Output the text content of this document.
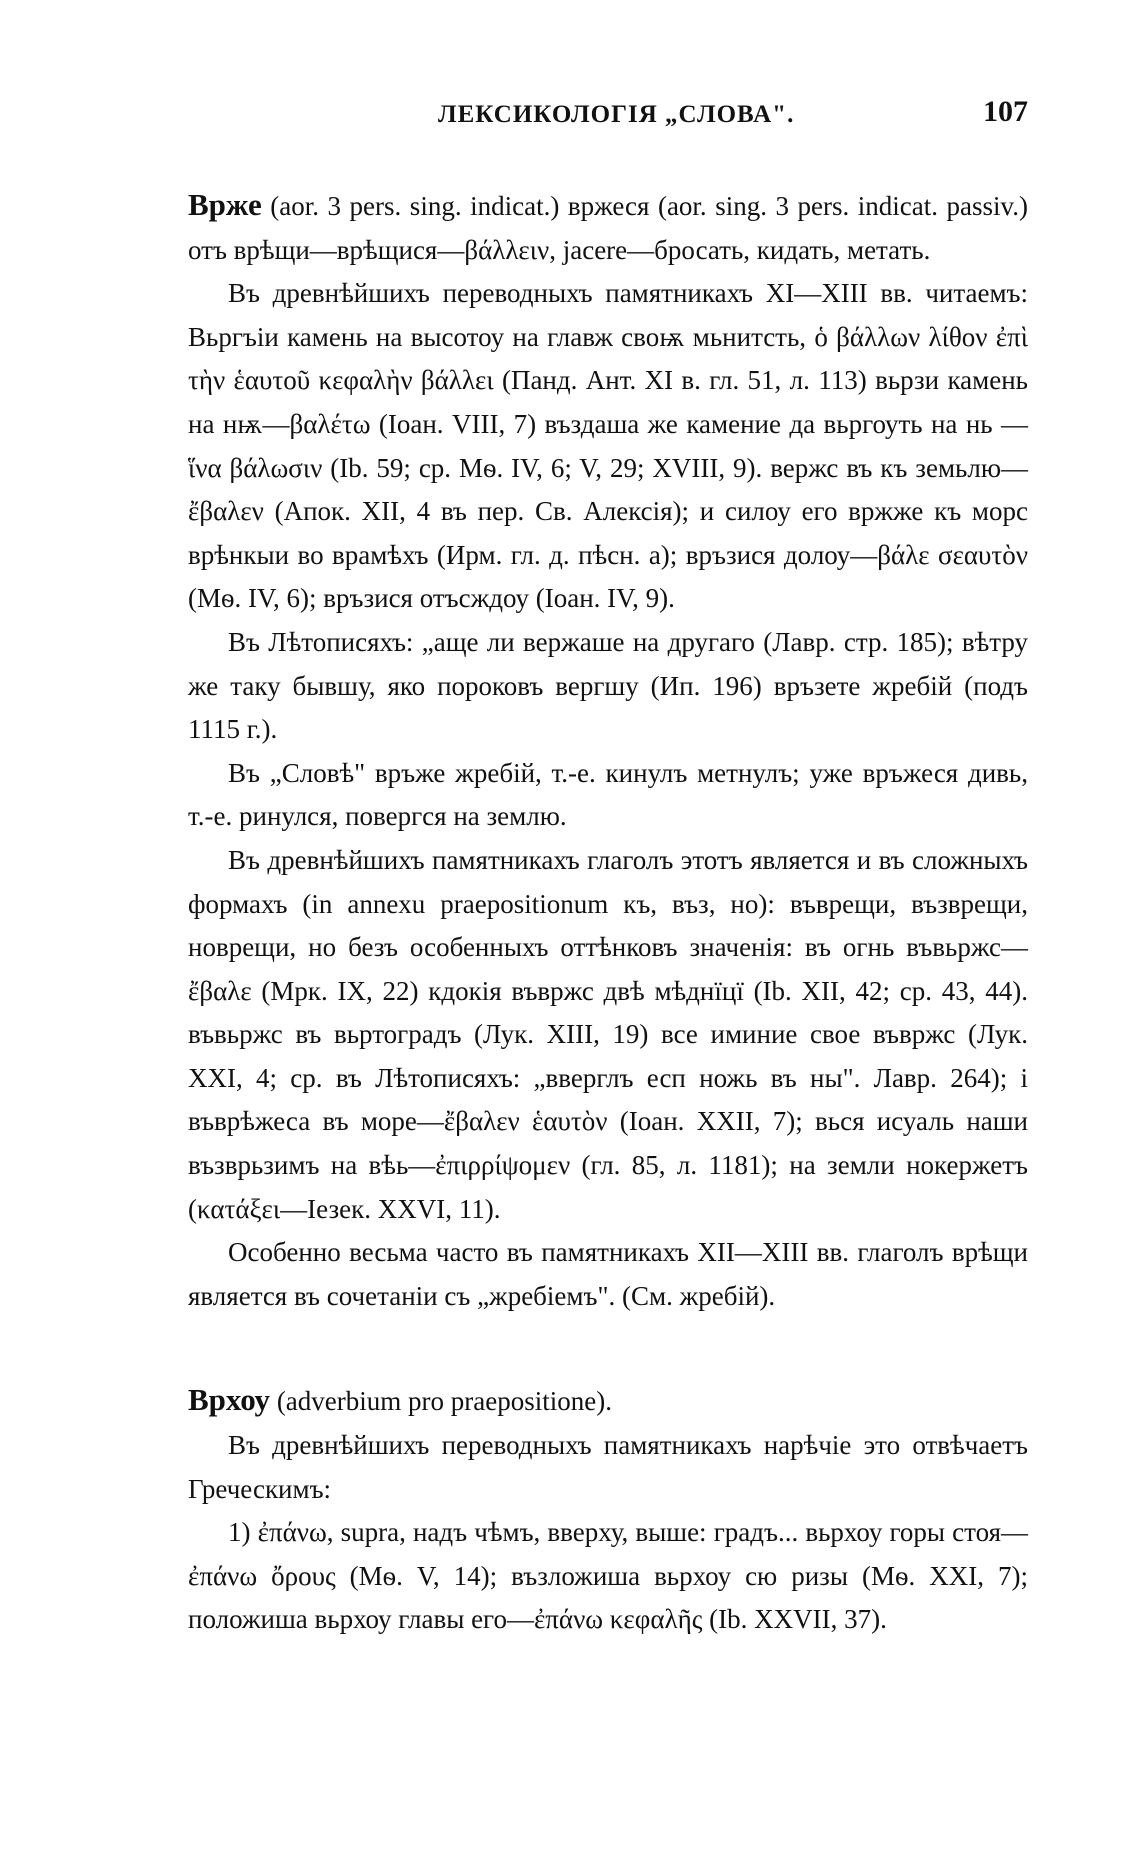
ЛЕКСИКОЛОГІЯ „СЛОВА".	107

Врже (aor. 3 pers. sing. indicat.) вржеся (aor. sing. 3 pers. indicat. passiv.) отъ врѣщи—врѣщися—βάλλειν, jacere—бросать, кидать, метать.

Въ древнѣйшихъ переводныхъ памятникахъ XI—XIII вв. читаемъ: Вьргъіи камень на высотоу на главж своѭ мьнитсть, ὁ βάλλων λίθον ἐπὶ τὴν ἑαυτοῦ κεφαλὴν βάλλει (Панд. Ант. XI в. гл. 51, л. 113) вьрзи камень на нѭ—βαλέτω (Іоан. VIII, 7) въздаша же камение да вьргоуть на нь —ἵνα βάλωσιν (Ib. 59; ср. Мѳ. IV, 6; V, 29; XVIII, 9). вержс въ къ земьлю—ἔβαλεν (Апок. XII, 4 въ пер. Св. Алексія); и силоу его вржже къ морс врѣнкыи во врамѣхъ (Ирм. гл. д. пѣсн. а); връзися долоу—βάλε σεαυτὸν (Мѳ. IV, 6); връзися отъсждоу (Іоан. IV, 9).

Въ Лѣтописяхъ: „аще ли вержаше на другаго (Лавр. стр. 185); вѣтру же таку бывшу, яко пороковъ вергшу (Ип. 196) връзете жребій (подъ 1115 г.).

Въ „Словѣ" връже жребій, т.-е. кинулъ метнулъ; уже връжеся дивь, т.-е. ринулся, повергся на землю.

Въ древнѣйшихъ памятникахъ глаголъ этотъ является и въ сложныхъ формахъ (in annexu praepositionum къ, въз, но): въврещи, възврещи, новрещи, но безъ особенныхъ оттѣнковъ значенія: въ огнь въвьржс—ἔβαλε (Мрк. IX, 22) кдокія въвржс двѣ мѣднїцї (Ib. XII, 42; ср. 43, 44). въвьржс въ вьртоградъ (Лук. XIII, 19) все иминие свое въвржс (Лук. XXI, 4; ср. въ Лѣтописяхъ: „вверглъ есп ножь въ ны". Лавр. 264); і въврѣжеса въ море—ἔβαλεν ἑαυτὸν (Іоан. XXII, 7); вься исуаль наши възврьзимъ на вѣь—ἐπιρρίψομεν (гл. 85, л. 1181); на земли нокержетъ (κατάξει—Іезек. XXVI, 11).

Особенно весьма часто въ памятникахъ XII—XIII вв. глаголъ врѣщи является въ сочетаніи съ „жребіемъ". (См. жребій).

Врхоу (adverbium pro praepositione).

Въ древнѣйшихъ переводныхъ памятникахъ нарѣчіе это отвѣчаетъ Греческимъ:

1) ἐπάνω, supra, надъ чѣмъ, вверху, выше: градъ... вьрхоу горы стоя—ἐπάνω ὄρους (Мѳ. V, 14); възложиша вьрхоу сю ризы (Мѳ. XXI, 7); положиша вьрхоу главы его—ἐπάνω κεφαλῆς (Ib. XXVII, 37).
